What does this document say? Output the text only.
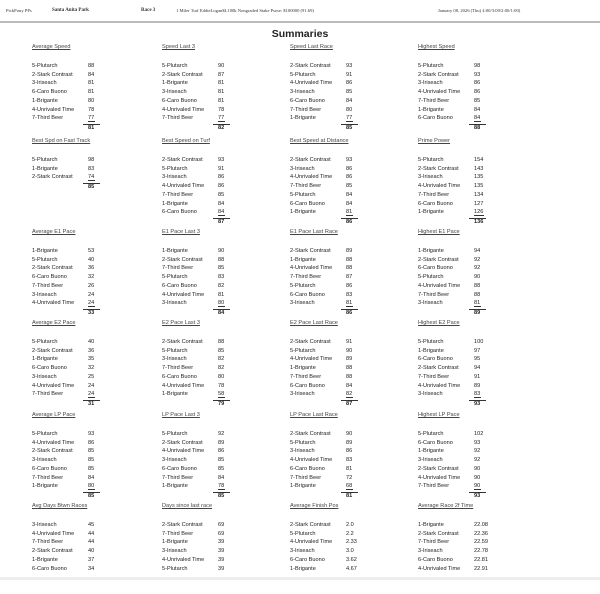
PickPony PPs	Santa Anita Park	Race 3	1 Miler Turf EddieLogan$L100k Nongraded Stake Purse: $100000 (91.69)	January 08, 2026 (Thu) 4:00/3:00/2:00/1:00)
Summaries
Average Speed
5-Plutarch	88
2-Stark Contrast	84
3-Iriseach	81
6-Caro Buono	81
1-Brigante	80
4-Unrivaled Time 78
7-Third Beer	77
81
Speed Last 3
5-Plutarch	90
2-Stark Contrast	87
1-Brigante	81
3-Iriseach	81
6-Caro Buono	81
4-Unrivaled Time 78
7-Third Beer	77
82
Speed Last Race
2-Stark Contrast	93
5-Plutarch	91
4-Unrivaled Time 86
3-Iriseach	85
6-Caro Buono	84
7-Third Beer	80
1-Brigante	77
85
Highest Speed
5-Plutarch	98
2-Stark Contrast	93
3-Iriseach	86
4-Unrivaled Time 86
7-Third Beer	85
1-Brigante	84
6-Caro Buono	84
88
Best Spd on Fast Track
5-Plutarch	98
1-Brigante	83
2-Stark Contrast	74
85
Best Speed on Turf
2-Stark Contrast	93
5-Plutarch	91
3-Iriseach	86
4-Unrivaled Time 86
7-Third Beer	85
1-Brigante	84
6-Caro Buono	84
87
Best Speed at Distance
2-Stark Contrast	93
3-Iriseach	86
4-Unrivaled Time 86
7-Third Beer	85
5-Plutarch	84
6-Caro Buono	84
1-Brigante	81
86
Prime Power
5-Plutarch	154
2-Stark Contrast	143
3-Iriseach	135
4-Unrivaled Time 135
7-Third Beer	134
6-Caro Buono	127
1-Brigante	126
136
Average E1 Pace
1-Brigante	53
5-Plutarch	40
2-Stark Contrast	36
6-Caro Buono	32
7-Third Beer	26
3-Iriseach	24
4-Unrivaled Time 24
33
E1 Pace Last 3
1-Brigante	90
2-Stark Contrast	88
7-Third Beer	85
5-Plutarch	83
6-Caro Buono	82
4-Unrivaled Time 81
3-Iriseach	80
84
E1 Pace Last Race
2-Stark Contrast	89
1-Brigante	88
4-Unrivaled Time 88
7-Third Beer	87
5-Plutarch	86
6-Caro Buono	83
3-Iriseach	81
86
Highest E1 Pace
1-Brigante	94
2-Stark Contrast	92
6-Caro Buono	92
5-Plutarch	90
4-Unrivaled Time 88
7-Third Beer	88
3-Iriseach	81
89
Average E2 Pace
5-Plutarch	40
2-Stark Contrast	36
1-Brigante	35
6-Caro Buono	32
3-Iriseach	25
4-Unrivaled Time 24
7-Third Beer	24
31
E2 Pace Last 3
2-Stark Contrast	88
5-Plutarch	85
3-Iriseach	82
7-Third Beer	82
6-Caro Buono	80
4-Unrivaled Time 78
1-Brigante	58
79
E2 Pace Last Race
2-Stark Contrast	91
5-Plutarch	90
4-Unrivaled Time 89
1-Brigante	88
7-Third Beer	88
6-Caro Buono	84
3-Iriseach	82
87
Highest E2 Pace
5-Plutarch	100
1-Brigante	97
6-Caro Buono	95
2-Stark Contrast	94
7-Third Beer	91
4-Unrivaled Time 89
3-Iriseach	83
93
Average LP Pace
5-Plutarch	93
4-Unrivaled Time 86
2-Stark Contrast	85
3-Iriseach	85
6-Caro Buono	85
7-Third Beer	84
1-Brigante	80
85
LP Pace Last 3
5-Plutarch	92
2-Stark Contrast	89
4-Unrivaled Time 86
3-Iriseach	85
6-Caro Buono	85
7-Third Beer	84
1-Brigante	78
85
LP Pace Last Race
2-Stark Contrast	90
5-Plutarch	89
3-Iriseach	86
4-Unrivaled Time 83
6-Caro Buono	81
7-Third Beer	72
1-Brigante	68
81
Highest LP Pace
5-Plutarch	102
6-Caro Buono	93
1-Brigante	92
3-Iriseach	92
2-Stark Contrast	90
4-Unrivaled Time 90
7-Third Beer	90
93
Avg Days Btwn Races
3-Iriseach	45
4-Unrivaled Time 44
7-Third Beer	44
2-Stark Contrast	40
1-Brigante	37
6-Caro Buono	34
Days since last race
2-Stark Contrast	69
7-Third Beer	69
1-Brigante	39
3-Iriseach	39
4-Unrivaled Time 39
5-Plutarch	39
Average Finish Pos
2-Stark Contrast	2.0
5-Plutarch	2.2
4-Unrivaled Time 2.33
3-Iriseach	3.0
6-Caro Buono	3.62
1-Brigante	4.67
Average Race 2f Time
1-Brigante	22.08
2-Stark Contrast	22.36
7-Third Beer	22.59
3-Iriseach	22.78
6-Caro Buono	22.81
4-Unrivaled Time 22.91
